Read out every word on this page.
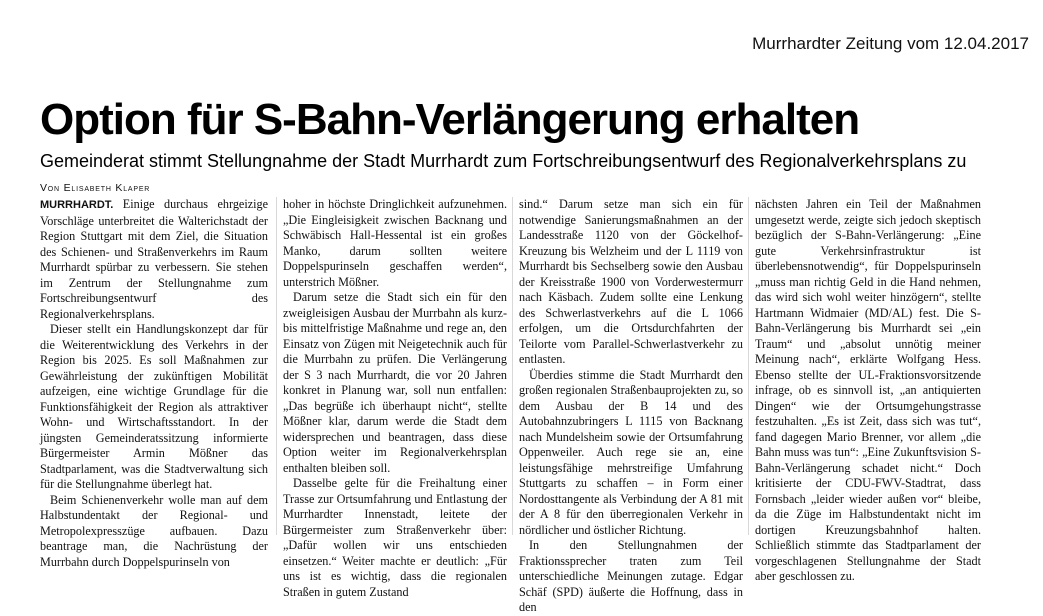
Murrhardter Zeitung vom 12.04.2017
Option für S-Bahn-Verlängerung erhalten
Gemeinderat stimmt Stellungnahme der Stadt Murrhardt zum Fortschreibungsentwurf des Regionalverkehrsplans zu
Von Elisabeth Klaper

MURRHARDT. Einige durchaus ehrgeizige Vorschläge unterbreitet die Walterichstadt der Region Stuttgart mit dem Ziel, die Situation des Schienen- und Straßenverkehrs im Raum Murrhardt spürbar zu verbessern. Sie stehen im Zentrum der Stellungnahme zum Fortschreibungsentwurf des Regionalverkehrsplans.

Dieser stellt ein Handlungskonzept dar für die Weiterentwicklung des Verkehrs in der Region bis 2025. Es soll Maßnahmen zur Gewährleistung der zukünftigen Mobilität aufzeigen, eine wichtige Grundlage für die Funktionsfähigkeit der Region als attraktiver Wohn- und Wirtschaftsstandort. In der jüngsten Gemeinderatssitzung informierte Bürgermeister Armin Mößner das Stadtparlament, was die Stadtverwaltung sich für die Stellungnahme überlegt hat.

Beim Schienenverkehr wolle man auf dem Halbstundentakt der Regional- und Metropolexpresszüge aufbauen. Dazu beantrage man, die Nachrüstung der Murrbahn durch Doppelspurinseln von

hoher in höchste Dringlichkeit aufzunehmen. „Die Eingleisigkeit zwischen Backnang und Schwäbisch Hall-Hessental ist ein großes Manko, darum sollten weitere Doppelspurinseln geschaffen werden“, unterstrich Mößner.

Darum setze die Stadt sich ein für den zweigleisigen Ausbau der Murrbahn als kurz- bis mittelfristige Maßnahme und rege an, den Einsatz von Zügen mit Neigetechnik auch für die Murrbahn zu prüfen. Die Verlängerung der S 3 nach Murrhardt, die vor 20 Jahren konkret in Planung war, soll nun entfallen: „Das begrüße ich überhaupt nicht“, stellte Mößner klar, darum werde die Stadt dem widersprechen und beantragen, dass diese Option weiter im Regionalverkehrsplan enthalten bleiben soll.

Dasselbe gelte für die Freihaltung einer Trasse zur Ortsumfahrung und Entlastung der Murrhardter Innenstadt, leitete der Bürgermeister zum Straßenverkehr über: „Dafür wollen wir uns entschieden einsetzen.“ Weiter machte er deutlich: „Für uns ist es wichtig, dass die regionalen Straßen in gutem Zustand

sind.“ Darum setze man sich ein für notwendige Sanierungsmaßnahmen an der Landesstraße 1120 von der Göckelhof-Kreuzung bis Welzheim und der L 1119 von Murrhardt bis Sechselberg sowie den Ausbau der Kreisstraße 1900 von Vorderwestermurr nach Käsbach. Zudem sollte eine Lenkung des Schwerlastverkehrs auf die L 1066 erfolgen, um die Ortsdurchfahrten der Teilorte vom Parallel-Schwerlastverkehr zu entlasten.

Überdies stimme die Stadt Murrhardt den großen regionalen Straßenbauprojekten zu, so dem Ausbau der B 14 und des Autobahnzubringers L 1115 von Backnang nach Mundelsheim sowie der Ortsumfahrung Oppenweiler. Auch rege sie an, eine leistungsfähige mehrstreifige Umfahrung Stuttgarts zu schaffen – in Form einer Nordosttangente als Verbindung der A 81 mit der A 8 für den überregionalen Verkehr in nördlicher und östlicher Richtung.

In den Stellungnahmen der Fraktionssprecher traten zum Teil unterschiedliche Meinungen zutage. Edgar Schäf (SPD) äußerte die Hoffnung, dass in den

nächsten Jahren ein Teil der Maßnahmen umgesetzt werde, zeigte sich jedoch skeptisch bezüglich der S-Bahn-Verlängerung: „Eine gute Verkehrsinfrastruktur ist überlebensnotwendig“, für Doppelspurinseln „muss man richtig Geld in die Hand nehmen, das wird sich wohl weiter hinzögern“, stellte Hartmann Widmaier (MD/AL) fest. Die S-Bahn-Verlängerung bis Murrhardt sei „ein Traum“ und „absolut unnötig meiner Meinung nach“, erklärte Wolfgang Hess. Ebenso stellte der UL-Fraktionsvorsitzende infrage, ob es sinnvoll ist, „an antiquierten Dingen“ wie der Ortsumgehungstrasse festzuhalten. „Es ist Zeit, dass sich was tut“, fand dagegen Mario Brenner, vor allem „die Bahn muss was tun“: „Eine Zukunftsvision S-Bahn-Verlängerung schadet nicht.“ Doch kritisierte der CDU-FWV-Stadtrat, dass Fornsbach „leider wieder außen vor“ bleibe, da die Züge im Halbstundentakt nicht im dortigen Kreuzungsbahnhof halten. Schließlich stimmte das Stadtparlament der vorgeschlagenen Stellungnahme der Stadt aber geschlossen zu.
